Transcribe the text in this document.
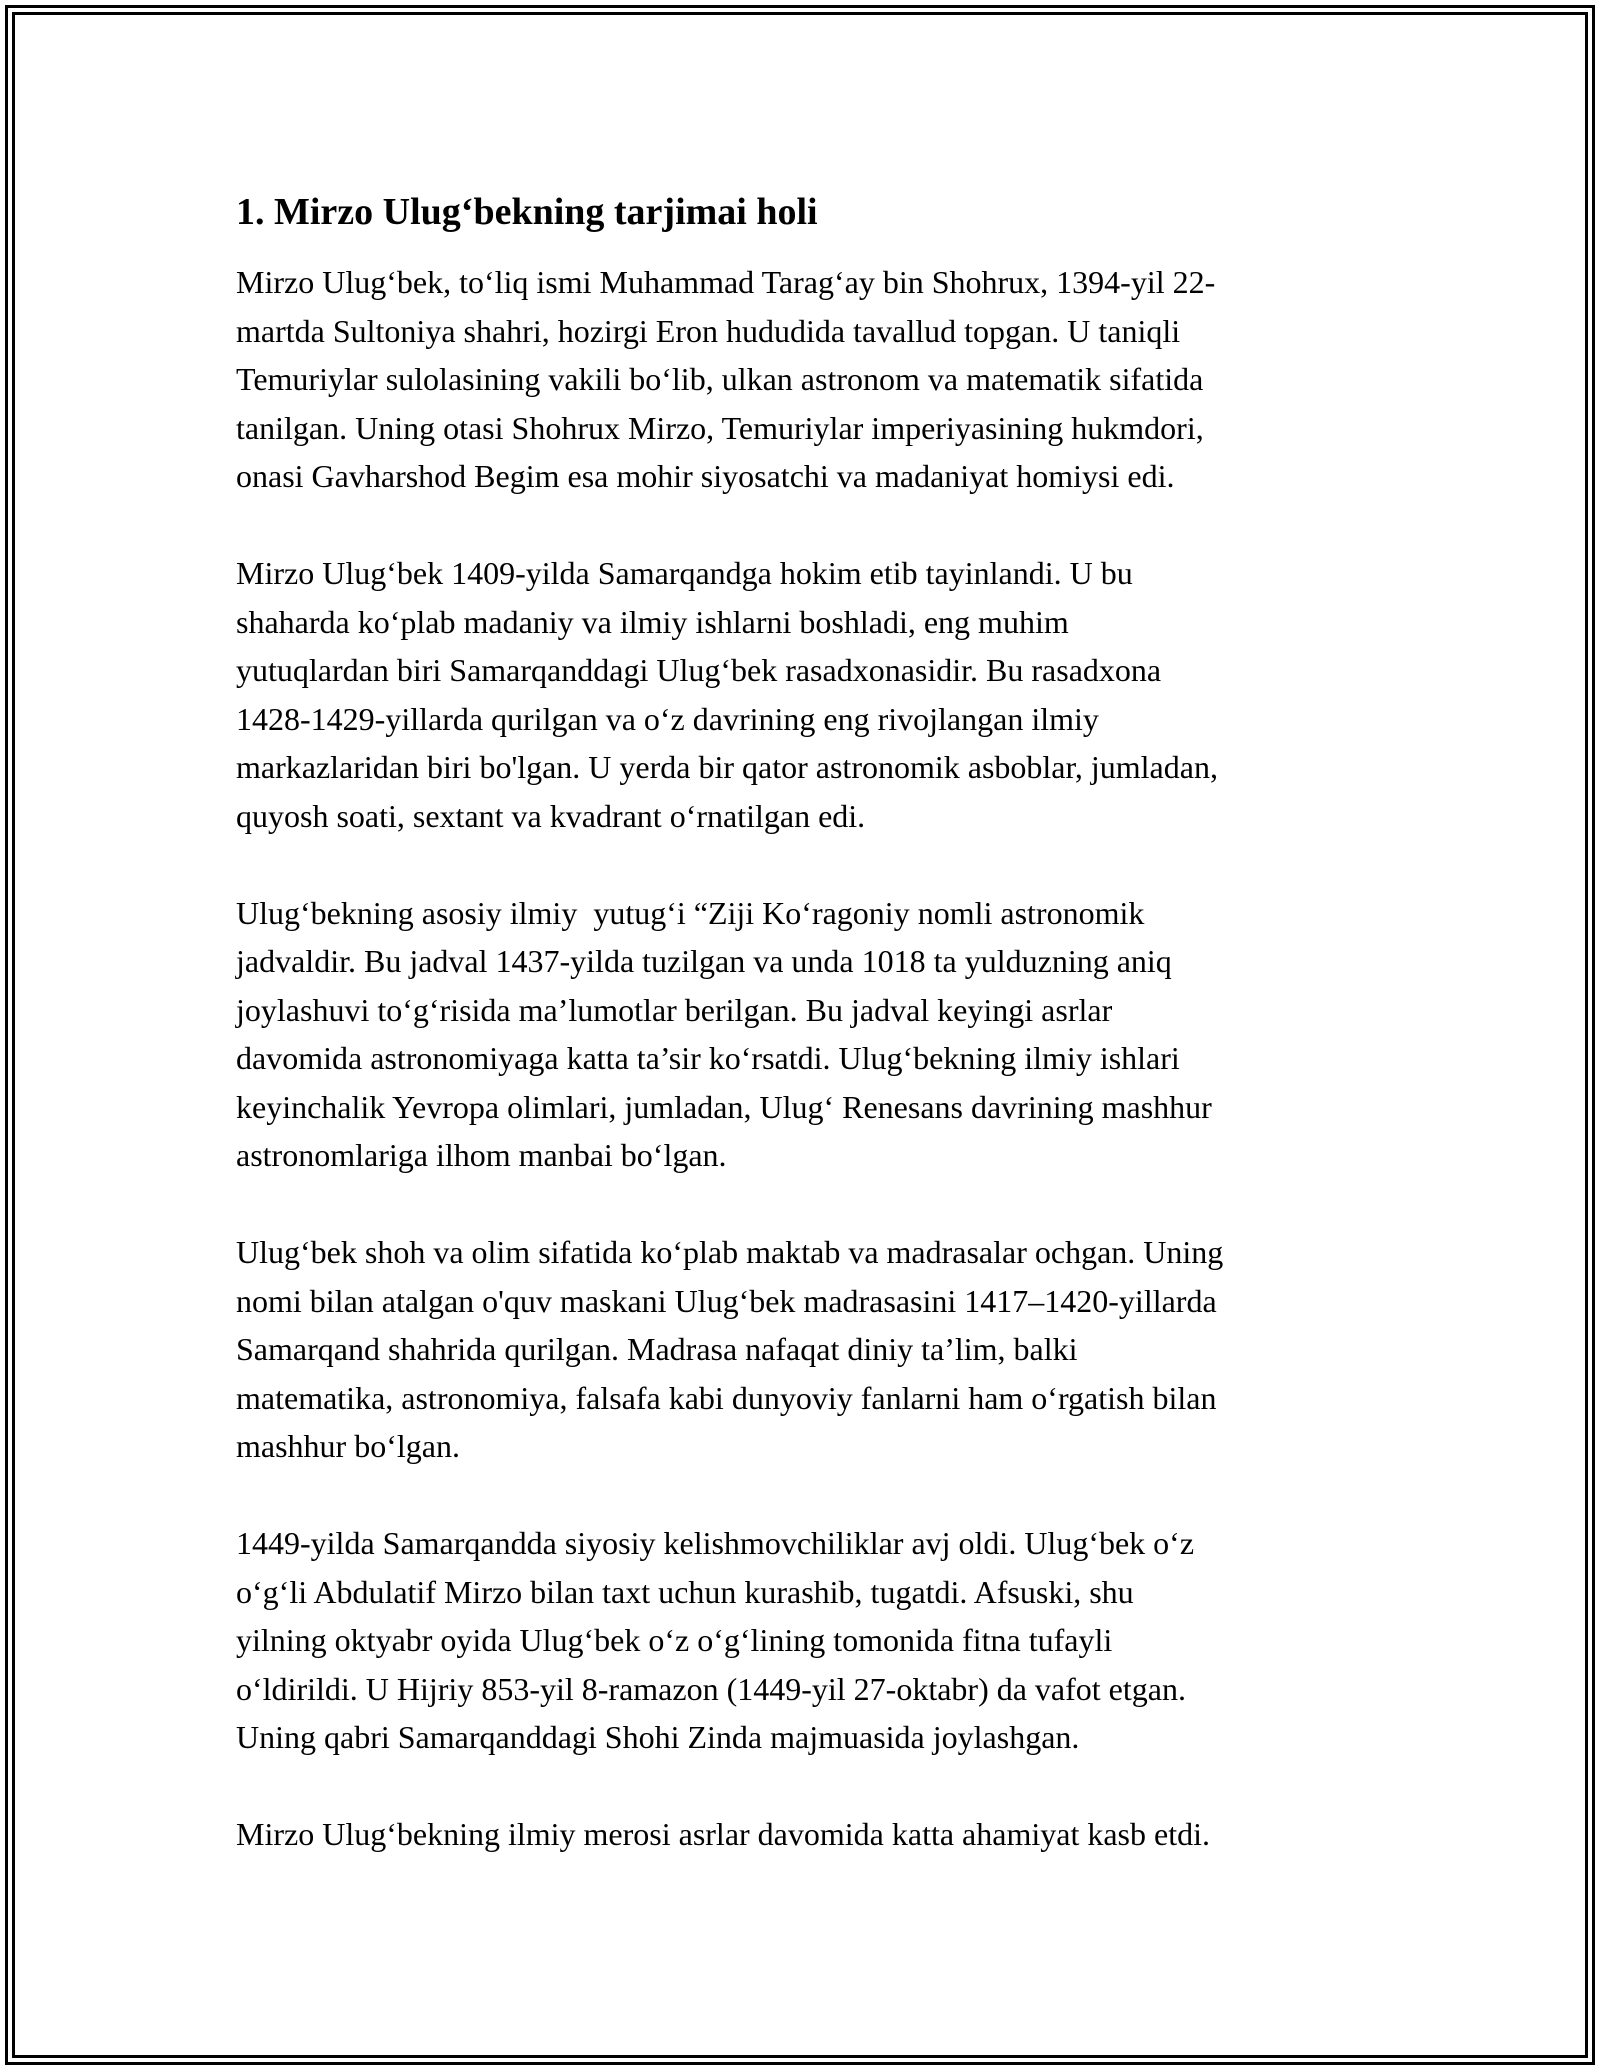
1. Mirzo Ulug‘bekning tarjimai holi
Mirzo Ulug‘bek, to‘liq ismi Muhammad Tarag‘ay bin Shohrux, 1394-yil 22-
martda Sultoniya shahri, hozirgi Eron hududida tavallud topgan. U taniqli
Temuriylar sulolasining vakili bo‘lib, ulkan astronom va matematik sifatida
tanilgan. Uning otasi Shohrux Mirzo, Temuriylar imperiyasining hukmdori,
onasi Gavharshod Begim esa mohir siyosatchi va madaniyat homiysi edi.
Mirzo Ulug‘bek 1409-yilda Samarqandga hokim etib tayinlandi. U bu
shaharda ko‘plab madaniy va ilmiy ishlarni boshladi, eng muhim
yutuqlardan biri Samarqanddagi Ulug‘bek rasadxonasidir. Bu rasadxona
1428-1429-yillarda qurilgan va o‘z davrining eng rivojlangan ilmiy
markazlaridan biri bo'lgan. U yerda bir qator astronomik asboblar, jumladan,
quyosh soati, sextant va kvadrant o‘rnatilgan edi.
Ulug‘bekning asosiy ilmiy  yutug‘i “Ziji Ko‘ragoniy nomli astronomik
jadvaldir. Bu jadval 1437-yilda tuzilgan va unda 1018 ta yulduzning aniq
joylashuvi to‘g‘risida ma’lumotlar berilgan. Bu jadval keyingi asrlar
davomida astronomiyaga katta ta’sir ko‘rsatdi. Ulug‘bekning ilmiy ishlari
keyinchalik Yevropa olimlari, jumladan, Ulug‘ Renesans davrining mashhur
astronomlariga ilhom manbai bo‘lgan.
Ulug‘bek shoh va olim sifatida ko‘plab maktab va madrasalar ochgan. Uning
nomi bilan atalgan o'quv maskani Ulug‘bek madrasasini 1417–1420-yillarda
Samarqand shahrida qurilgan. Madrasa nafaqat diniy ta’lim, balki
matematika, astronomiya, falsafa kabi dunyoviy fanlarni ham o‘rgatish bilan
mashhur bo‘lgan.
1449-yilda Samarqandda siyosiy kelishmovchiliklar avj oldi. Ulug‘bek o‘z
o‘g‘li Abdulatif Mirzo bilan taxt uchun kurashib, tugatdi. Afsuski, shu
yilning oktyabr oyida Ulug‘bek o‘z o‘g‘lining tomonida fitna tufayli
o‘ldirildi. U Hijriy 853-yil 8-ramazon (1449-yil 27-oktabr) da vafot etgan.
Uning qabri Samarqanddagi Shohi Zinda majmuasida joylashgan.
Mirzo Ulug‘bekning ilmiy merosi asrlar davomida katta ahamiyat kasb etdi.
